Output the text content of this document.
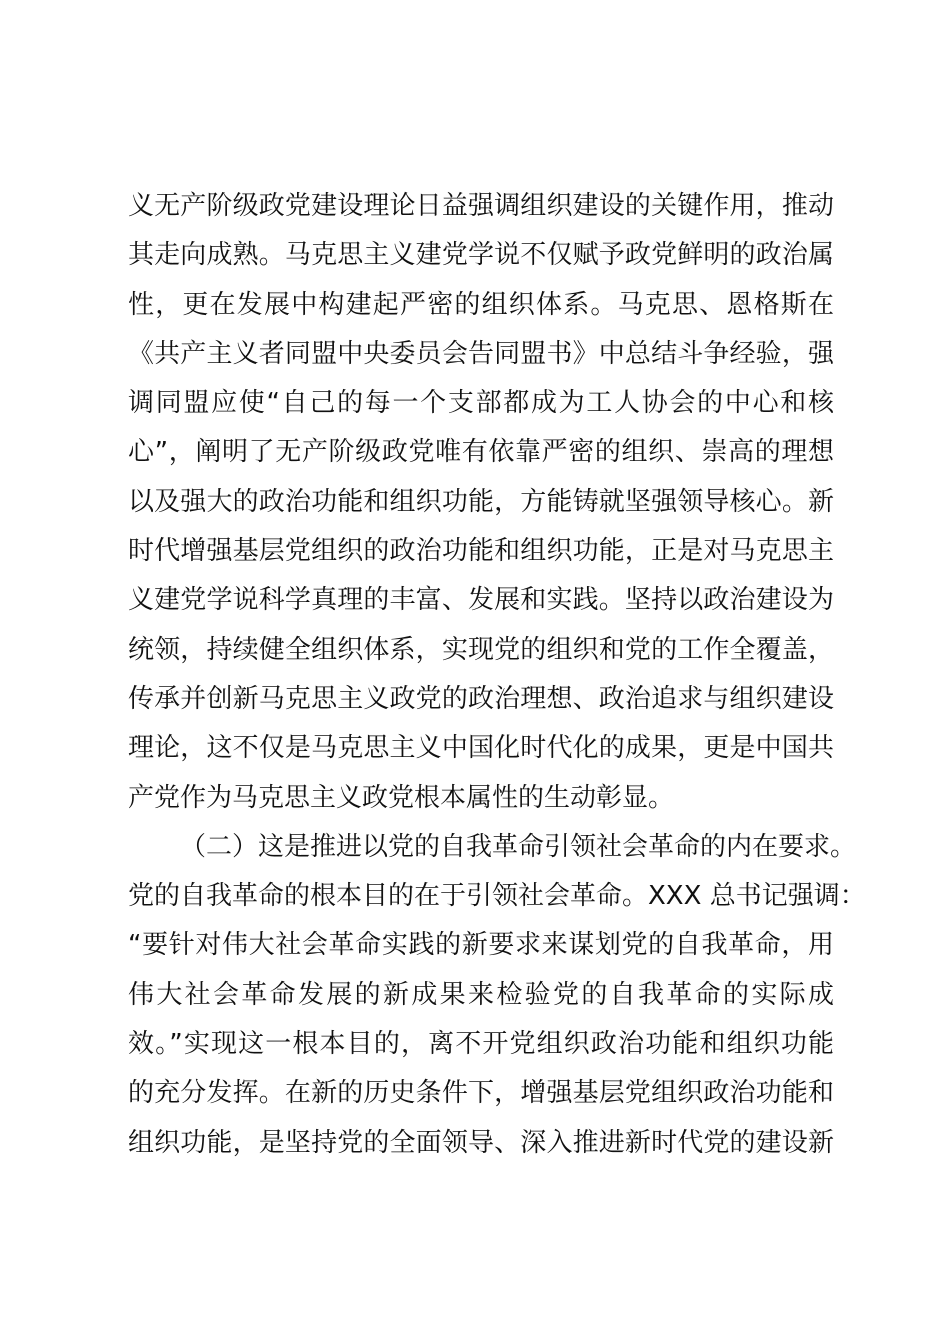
义无产阶级政党建设理论日益强调组织建设的关键作用，推动
其走向成熟。马克思主义建党学说不仅赋予政党鲜明的政治属
性，更在发展中构建起严密的组织体系。马克思、恩格斯在
《共产主义者同盟中央委员会告同盟书》中总结斗争经验，强
调同盟应使“自己的每一个支部都成为工人协会的中心和核
心”，阐明了无产阶级政党唯有依靠严密的组织、崇高的理想
以及强大的政治功能和组织功能，方能铸就坚强领导核心。新
时代增强基层党组织的政治功能和组织功能，正是对马克思主
义建党学说科学真理的丰富、发展和实践。坚持以政治建设为
统领，持续健全组织体系，实现党的组织和党的工作全覆盖，
传承并创新马克思主义政党的政治理想、政治追求与组织建设
理论，这不仅是马克思主义中国化时代化的成果，更是中国共
产党作为马克思主义政党根本属性的生动彰显。
（二）这是推进以党的自我革命引领社会革命的内在要求。
党的自我革命的根本目的在于引领社会革命。XXX 总书记强调：
“要针对伟大社会革命实践的新要求来谋划党的自我革命，用
伟大社会革命发展的新成果来检验党的自我革命的实际成
效。”实现这一根本目的，离不开党组织政治功能和组织功能
的充分发挥。在新的历史条件下，增强基层党组织政治功能和
组织功能，是坚持党的全面领导、深入推进新时代党的建设新
